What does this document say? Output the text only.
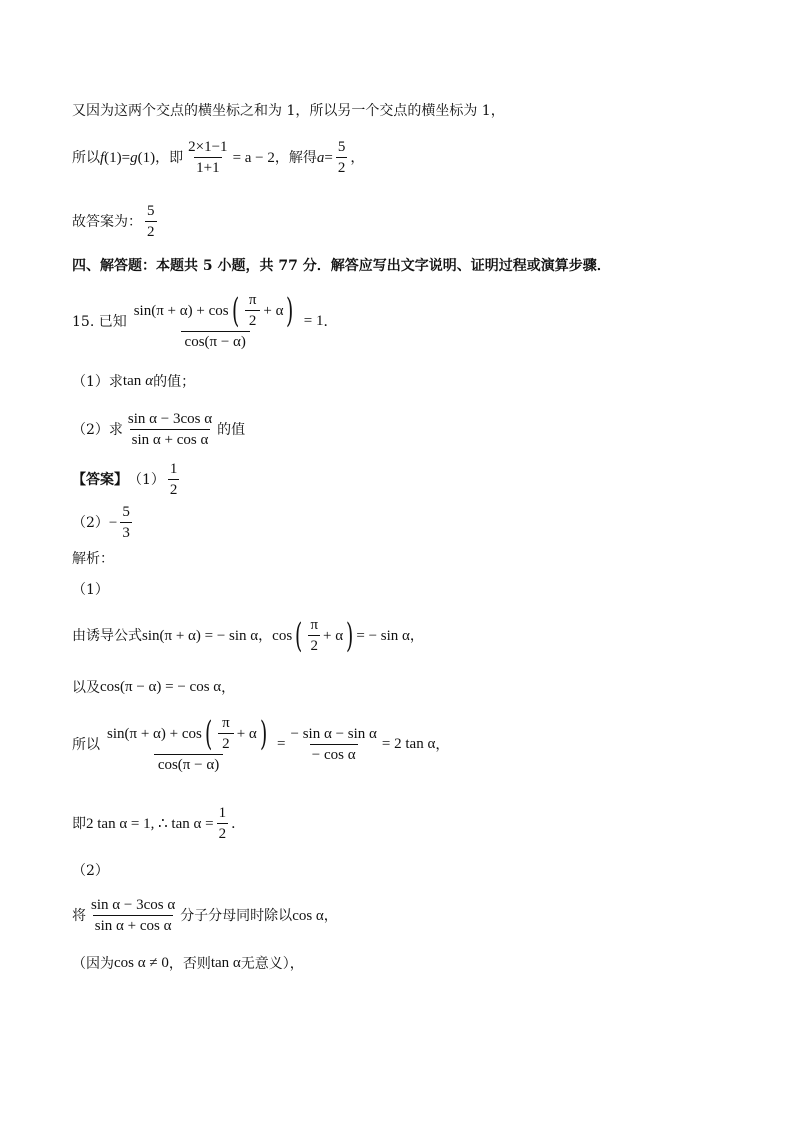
又因为这两个交点的横坐标之和为 1，所以另一个交点的横坐标为 1，
所以 f (1) = g (1) ，即 $\frac{2\times 1-1}{1+1} = a - 2$ ，解得 $a = \frac{5}{2}$ ，
故答案为： $\frac{5}{2}$
四、解答题：本题共 5 小题，共 77 分．解答应写出文字说明、证明过程或演算步骤．
15. 已知
sin(π + α) + cos ( $\frac{\pi}{2} + \alpha$ )
cos(π − α)
= 1 ．
（1）求 tan α 的值；
（2）求 $\frac{\text{sin α − 3cos α}}{\text{sin α + cos α}}$ 的值
【答案】 $(1) \frac{1}{2}$
$(2) - \frac{5}{3}$
解析：
（1）
由诱导公式 sin(π + α) = − sin α ， cos ( $\frac{\pi}{2} + \alpha$ ) = − sin α ，
以及 cos(π − α) = − cos α ，
所以
sin(π + α) + cos ( $\frac{\pi}{2} + \alpha$ )
cos(π − α)
= $\frac{\text{− sin α − sin α}}{\text{− cos α}} = 2$ tan α ，
即 2 tan α = 1, ∴ $\tan \alpha = \frac{1}{2}$ ．
（2）
将 $\frac{\text{sin α − 3cos α}}{\text{sin α + cos α}}$ 分子分母同时除以 cos α ，
（因为 cos α ≠ 0 ，否则 tan α 无意义），
